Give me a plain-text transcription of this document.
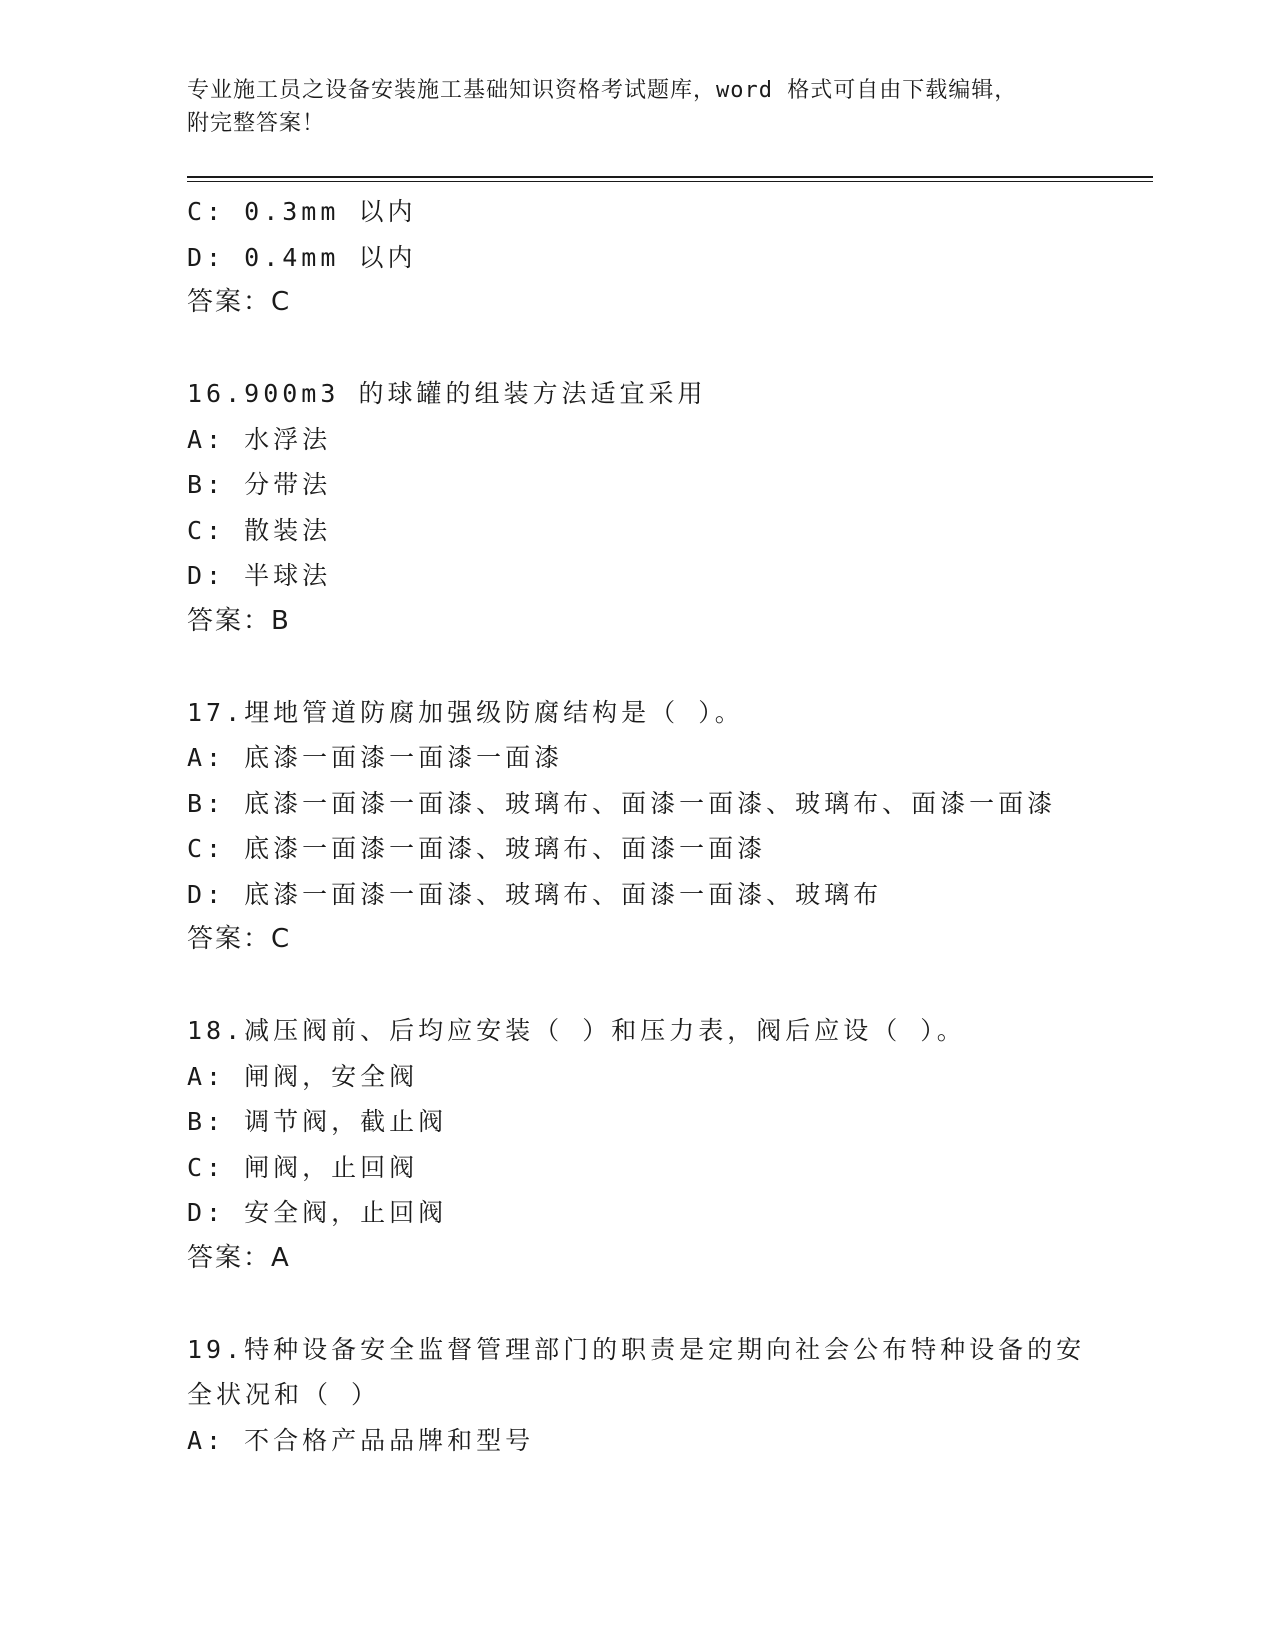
专业施工员之设备安装施工基础知识资格考试题库，word 格式可自由下载编辑，
附完整答案！
C: 0.3mm 以内
D: 0.4mm 以内
答案：C
16.900m3 的球罐的组装方法适宜采用
A: 水浮法
B: 分带法
C: 散装法
D: 半球法
答案：B
17.埋地管道防腐加强级防腐结构是（ ）。
A: 底漆一面漆一面漆一面漆
B: 底漆一面漆一面漆、玻璃布、面漆一面漆、玻璃布、面漆一面漆
C: 底漆一面漆一面漆、玻璃布、面漆一面漆
D: 底漆一面漆一面漆、玻璃布、面漆一面漆、玻璃布
答案：C
18.减压阀前、后均应安装（ ）和压力表，阀后应设（ ）。
A: 闸阀，安全阀
B: 调节阀，截止阀
C: 闸阀，止回阀
D: 安全阀，止回阀
答案：A
19.特种设备安全监督管理部门的职责是定期向社会公布特种设备的安
全状况和（ ）
A: 不合格产品品牌和型号
